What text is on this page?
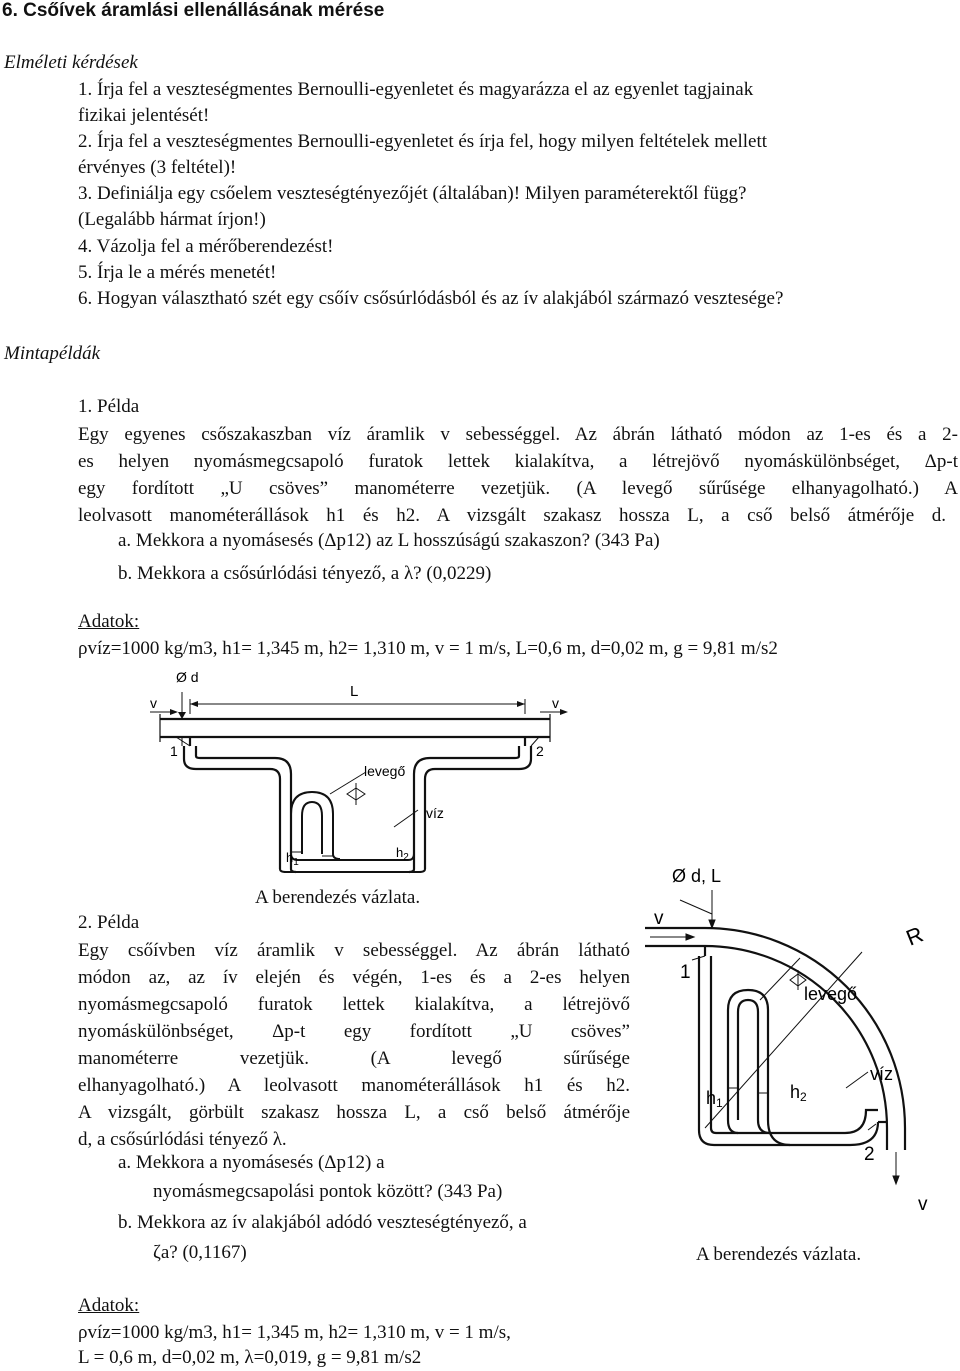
6. Csőívek áramlási ellenállásának mérése
Elméleti kérdések
1. Írja fel a veszteségmentes Bernoulli-egyenletet és magyarázza el az egyenlet tagjainak
fizikai jelentését!
2. Írja fel a veszteségmentes Bernoulli-egyenletet és írja fel, hogy milyen feltételek mellett
érvényes (3 feltétel)!
3. Definiálja egy csőelem veszteségtényezőjét (általában)! Milyen paraméterektől függ?
(Legalább hármat írjon!)
4. Vázolja fel a mérőberendezést!
5. Írja le a mérés menetét!
6. Hogyan választható szét egy csőív csősúrlódásból és az ív alakjából származó vesztesége?
Mintapéldák
1. Példa
Egy egyenes csőszakaszban víz áramlik v sebességgel. Az ábrán látható módon az 1-es és a 2-
es helyen nyomásmegcsapoló furatok lettek kialakítva, a létrejövő nyomáskülönbséget, Δp-t
egy fordított „U csöves” manométerre vezetjük. (A levegő sűrűsége elhanyagolható.) A
leolvasott manométerállások h1 és h2. A vizsgált szakasz hossza L, a cső belső átmérője d.
a. Mekkora a nyomásesés (Δp12) az L hosszúságú szakaszon? (343 Pa)
b. Mekkora a csősúrlódási tényező, a λ? (0,0229)
Adatok:
ρvíz=1000 kg/m3, h1= 1,345 m, h2= 1,310 m, v = 1 m/s, L=0,6 m, d=0,02 m, g = 9,81 m/s2
Ø d
L
v	v
1	2
levegő
víz
$h_1$
$h_2$
A berendezés vázlata.
2. Példa
Egy csőívben víz áramlik v sebességgel. Az ábrán látható
módon az, az ív elején és végén, 1-es és a 2-es helyen
nyomásmegcsapoló furatok lettek kialakítva, a létrejövő
nyomáskülönbséget, Δp-t egy fordított „U csöves”
manométerre vezetjük. (A levegő sűrűsége
elhanyagolható.) A leolvasott manométerállások h1 és h2.
A vizsgált, görbült szakasz hossza L, a cső belső átmérője
d, a csősúrlódási tényező λ.
a. Mekkora a nyomásesés (Δp12) a
nyomásmegcsapolási pontok között? (343 Pa)
b. Mekkora az ív alakjából adódó veszteségtényező, a
ζa? (0,1167)
Adatok:
ρvíz=1000 kg/m3, h1= 1,345 m, h2= 1,310 m, v = 1 m/s,
L = 0,6 m, d=0,02 m, λ=0,019, g = 9,81 m/s2
Ø d, L
v
1
levegő
R
víz
h1
h2
2
v
A berendezés vázlata.
